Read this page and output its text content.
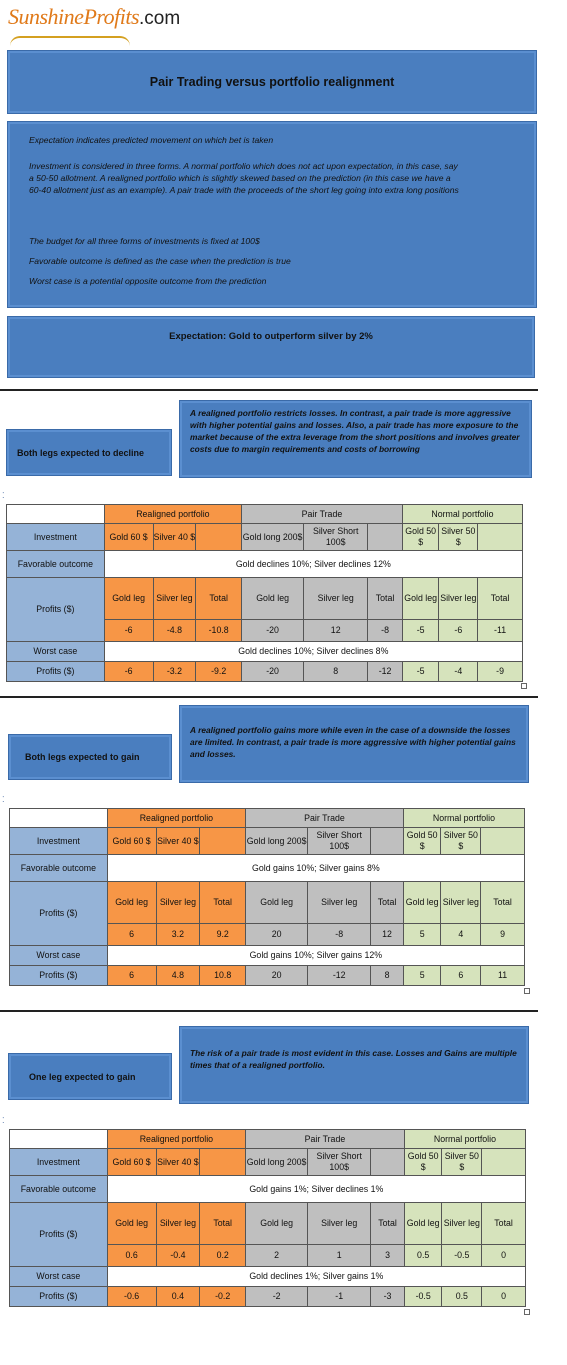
SunshineProfits.com
Pair Trading versus portfolio realignment

Expectation indicates predicted movement on which bet is taken

Investment is considered in three forms. A normal portfolio which does not act upon expectation, in this case, say a 50-50 allotment. A realigned portfolio which is slightly skewed based on the prediction (in this case we have a 60-40 allotment just as an example). A pair trade with the proceeds of the short leg going into extra long positions

The budget for all three forms of investments is fixed at 100$

Favorable outcome is defined as the case when the prediction is true

Worst case is a potential opposite outcome from the prediction

Expectation: Gold to outperform silver by 2%
A realigned portfolio restricts losses. In contrast, a pair trade is more aggressive with higher potential gains and losses. Also, a pair trade has more exposure to the market because of the extra leverage from the short positions and involves greater costs due to margin requirements and costs of borrowing
Both legs expected to decline
⁚
	Realigned portfolio			Pair Trade			Normal portfolio		
Investment	Gold 60 $	Silver 40 $		Gold long 200$	Silver Short 100$		Gold 50 $	Silver 50 $	
Favorable outcome	Gold declines 10%; Silver declines 12%								
Profits ($)	Gold leg	Silver leg	Total	Gold leg	Silver leg	Total	Gold leg	Silver leg	Total
	-6	-4.8	-10.8	-20	12	-8	-5	-6	-11
Worst case	Gold declines 10%; Silver declines 8%								
Profits ($)	-6	-3.2	-9.2	-20	8	-12	-5	-4	-9
A realigned portfolio gains more while even in the case of a downside the losses are limited. In contrast, a pair trade is more aggressive with higher potential gains and losses.
Both legs expected to gain
⁚
	Realigned portfolio			Pair Trade			Normal portfolio		
Investment	Gold 60 $	Silver 40 $		Gold long 200$	Silver Short 100$		Gold 50 $	Silver 50 $	
Favorable outcome	Gold gains 10%; Silver gains 8%								
Profits ($)	Gold leg	Silver leg	Total	Gold leg	Silver leg	Total	Gold leg	Silver leg	Total
	6	3.2	9.2	20	-8	12	5	4	9
Worst case	Gold gains 10%; Silver gains 12%								
Profits ($)	6	4.8	10.8	20	-12	8	5	6	11
The risk of a pair trade is most evident in this case. Losses and Gains are multiple times that of a realigned portfolio.
One leg expected to gain
⁚
	Realigned portfolio			Pair Trade			Normal portfolio		
Investment	Gold 60 $	Silver 40 $		Gold long 200$	Silver Short 100$		Gold 50 $	Silver 50 $	
Favorable outcome	Gold gains 1%; Silver declines 1%								
Profits ($)	Gold leg	Silver leg	Total	Gold leg	Silver leg	Total	Gold leg	Silver leg	Total
	0.6	-0.4	0.2	2	1	3	0.5	-0.5	0
Worst case	Gold declines 1%; Silver gains 1%								
Profits ($)	-0.6	0.4	-0.2	-2	-1	-3	-0.5	0.5	0
